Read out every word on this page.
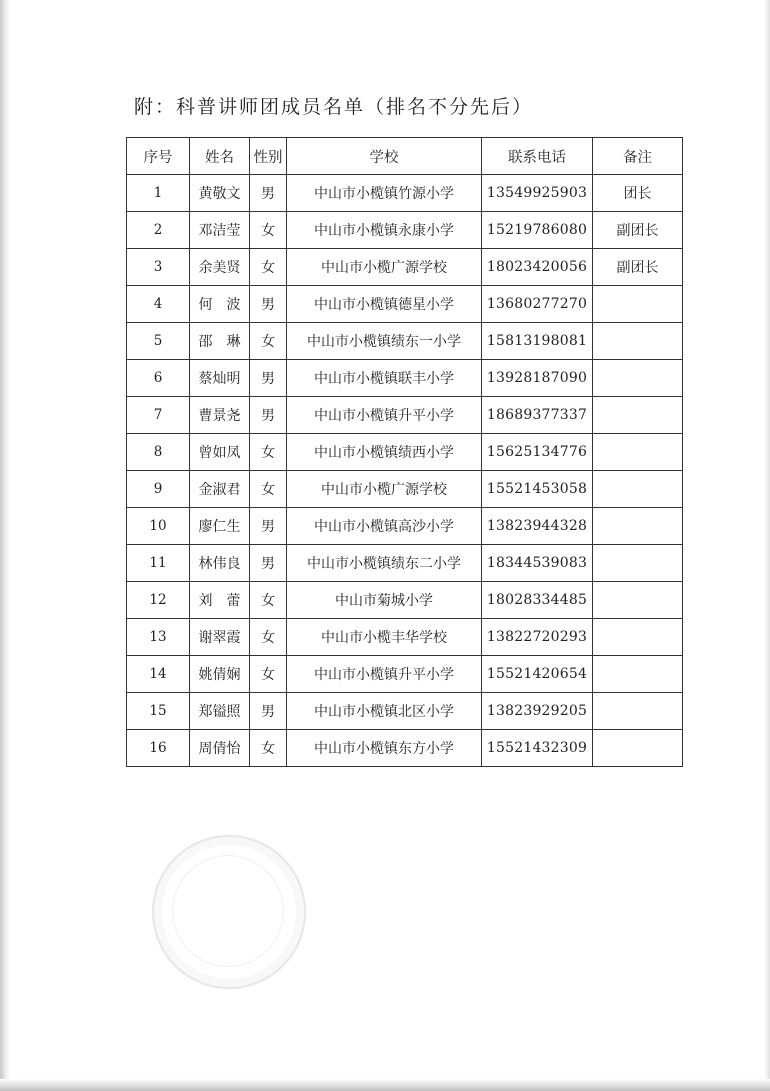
附：科普讲师团成员名单（排名不分先后）
序号	姓名	性别	学校	联系电话	备注
1	黄敬文	男	中山市小榄镇竹源小学	13549925903	团长
2	邓洁莹	女	中山市小榄镇永康小学	15219786080	副团长
3	余美贤	女	中山市小榄广源学校	18023420056	副团长
4	何　波	男	中山市小榄镇德星小学	13680277270	
5	邵　琳	女	中山市小榄镇绩东一小学	15813198081	
6	蔡灿明	男	中山市小榄镇联丰小学	13928187090	
7	曹景尧	男	中山市小榄镇升平小学	18689377337	
8	曾如凤	女	中山市小榄镇绩西小学	15625134776	
9	金淑君	女	中山市小榄广源学校	15521453058	
10	廖仁生	男	中山市小榄镇高沙小学	13823944328	
11	林伟良	男	中山市小榄镇绩东二小学	18344539083	
12	刘　蕾	女	中山市菊城小学	18028334485	
13	谢翠霞	女	中山市小榄丰华学校	13822720293	
14	姚倩娴	女	中山市小榄镇升平小学	15521420654	
15	郑镒照	男	中山市小榄镇北区小学	13823929205	
16	周倩怡	女	中山市小榄镇东方小学	15521432309	
